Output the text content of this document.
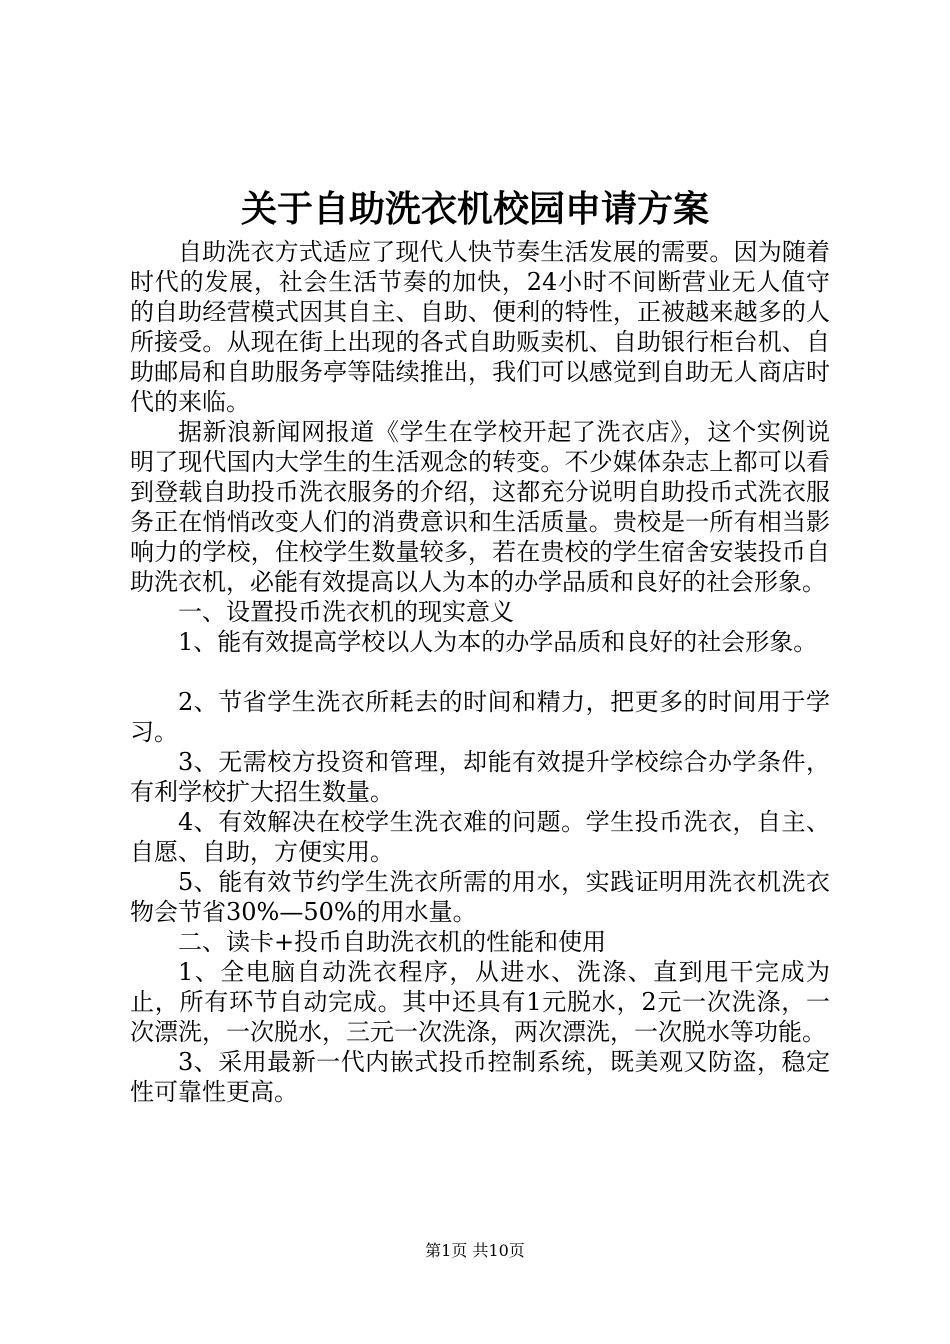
关于自助洗衣机校园申请方案

自助洗衣方式适应了现代人快节奏生活发展的需要。因为随着时代的发展，社会生活节奏的加快，24小时不间断营业无人值守的自助经营模式因其自主、自助、便利的特性，正被越来越多的人所接受。从现在街上出现的各式自助贩卖机、自助银行柜台机、自助邮局和自助服务亭等陆续推出，我们可以感觉到自助无人商店时代的来临。

据新浪新闻网报道《学生在学校开起了洗衣店》，这个实例说明了现代国内大学生的生活观念的转变。不少媒体杂志上都可以看到登载自助投币洗衣服务的介绍，这都充分说明自助投币式洗衣服务正在悄悄改变人们的消费意识和生活质量。贵校是一所有相当影响力的学校，住校学生数量较多，若在贵校的学生宿舍安装投币自助洗衣机，必能有效提高以人为本的办学品质和良好的社会形象。

一、设置投币洗衣机的现实意义

1、能有效提高学校以人为本的办学品质和良好的社会形象。

2、节省学生洗衣所耗去的时间和精力，把更多的时间用于学习。

3、无需校方投资和管理，却能有效提升学校综合办学条件，有利学校扩大招生数量。

4、有效解决在校学生洗衣难的问题。学生投币洗衣，自主、自愿、自助，方便实用。

5、能有效节约学生洗衣所需的用水，实践证明用洗衣机洗衣物会节省30%—50%的用水量。

二、读卡+投币自助洗衣机的性能和使用

1、全电脑自动洗衣程序，从进水、洗涤、直到甩干完成为止，所有环节自动完成。其中还具有1元脱水，2元一次洗涤，一次漂洗，一次脱水，三元一次洗涤，两次漂洗，一次脱水等功能。

3、采用最新一代内嵌式投币控制系统，既美观又防盗，稳定性可靠性更高。

第1页 共10页
